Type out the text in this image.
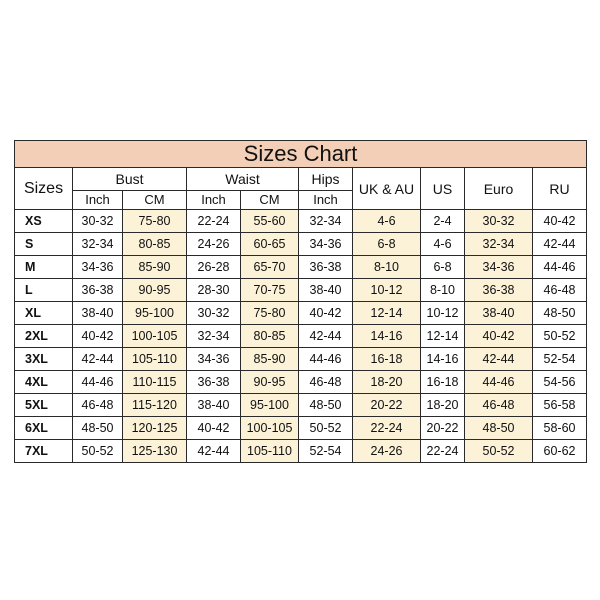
Sizes Chart									
Sizes	Bust		Waist		Hips	UK & AU	US	Euro	RU
	Inch	CM	Inch	CM	Inch				
XS	30-32	75-80	22-24	55-60	32-34	4-6	2-4	30-32	40-42
S	32-34	80-85	24-26	60-65	34-36	6-8	4-6	32-34	42-44
M	34-36	85-90	26-28	65-70	36-38	8-10	6-8	34-36	44-46
L	36-38	90-95	28-30	70-75	38-40	10-12	8-10	36-38	46-48
XL	38-40	95-100	30-32	75-80	40-42	12-14	10-12	38-40	48-50
2XL	40-42	100-105	32-34	80-85	42-44	14-16	12-14	40-42	50-52
3XL	42-44	105-110	34-36	85-90	44-46	16-18	14-16	42-44	52-54
4XL	44-46	110-115	36-38	90-95	46-48	18-20	16-18	44-46	54-56
5XL	46-48	115-120	38-40	95-100	48-50	20-22	18-20	46-48	56-58
6XL	48-50	120-125	40-42	100-105	50-52	22-24	20-22	48-50	58-60
7XL	50-52	125-130	42-44	105-110	52-54	24-26	22-24	50-52	60-62
